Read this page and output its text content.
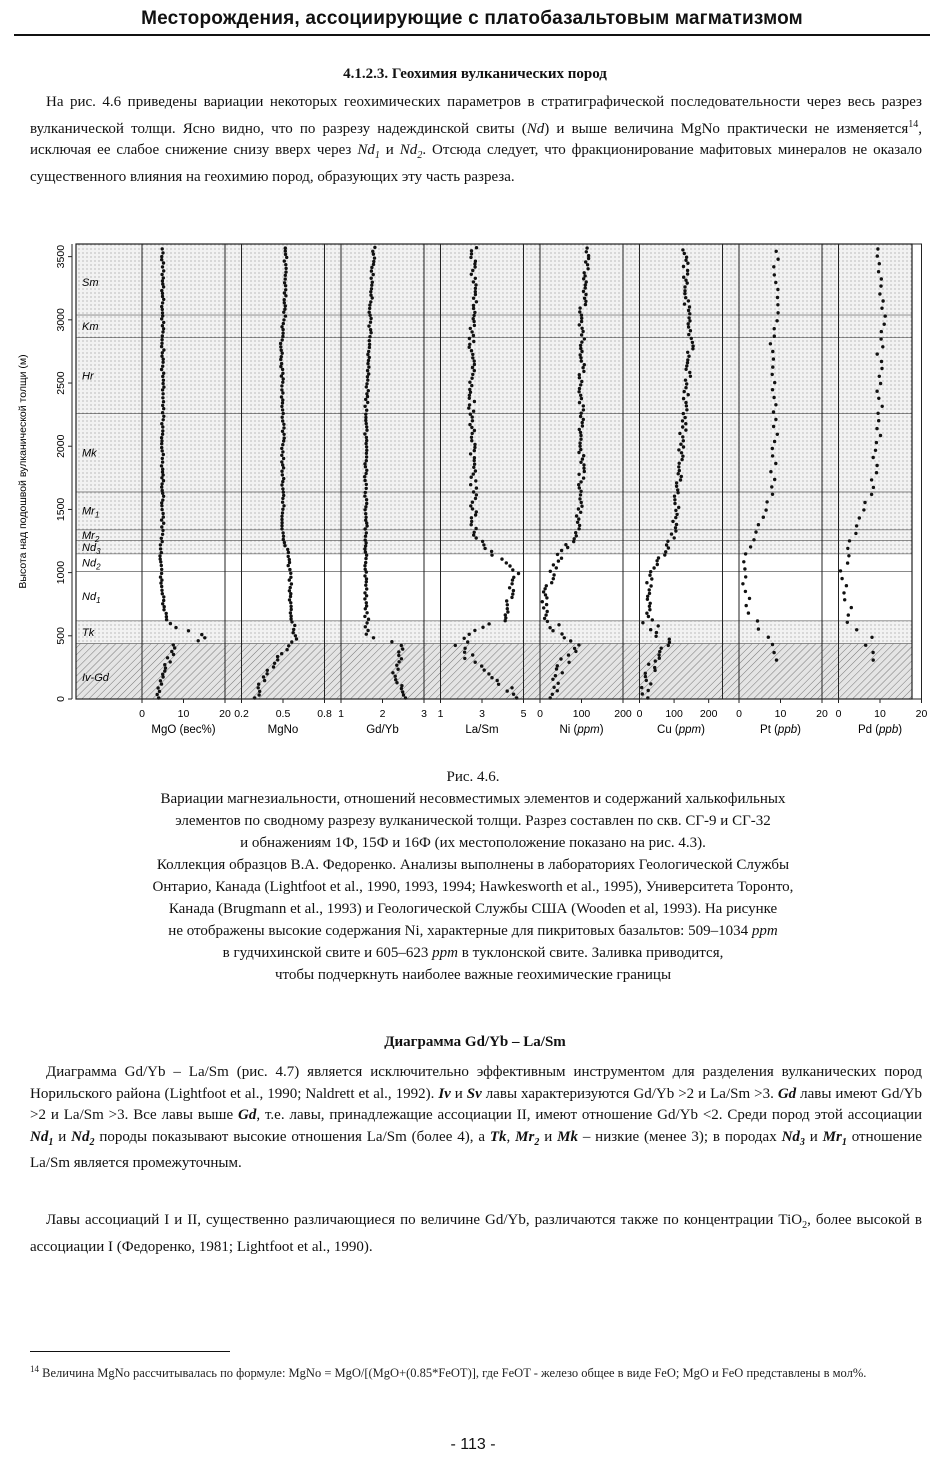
Месторождения, ассоциирующие с платобазальтовым магматизмом
4.1.2.3. Геохимия вулканических пород
На рис. 4.6 приведены вариации некоторых геохимических параметров в стратиграфической последовательности через весь разрез вулканической толщи. Ясно видно, что по разрезу надеждинской свиты (Nd) и выше величина MgNo практически не изменяется$^{14}$, исключая ее слабое снижение снизу вверх через $Nd_1$ и $Nd_2$. Отсюда следует, что фракционирование мафитовых минералов не оказало существенного влияния на геохимию пород, образующих эту часть разреза.
Sm
Km
Hr
Mk
$Mr_1$
$Mr_2$
$Nd_3$
$Nd_2$
$Nd_1$
Tk
Iv-Gd
0	10	20
MgO (вес%)
0.2	0.5	0.8
MgNo
1	2	3
Gd/Yb
1	3	5
La/Sm
0	100 200
Ni (ppm)
0 100 200
Cu (ppm)
0	10	20
Pt (ppb)
0	10	20
Pd (ppb)
0
500
1000
1500
2000
2500
3000
3500
Высота над подошвой вулканической толщи (м)
Рис. 4.6.
Вариации магнезиальности, отношений несовместимых элементов и содержаний халькофильных
элементов по сводному разрезу вулканической толщи. Разрез составлен по скв. СГ-9 и СГ-32
и обнажениям 1Ф, 15Ф и 16Ф (их местоположение показано на рис. 4.3).
Коллекция образцов В.А. Федоренко. Анализы выполнены в лабораториях Геологической Службы
Онтарио, Канада (Lightfoot et al., 1990, 1993, 1994; Hawkesworth et al., 1995), Университета Торонто,
Канада (Brugmann et al., 1993) и Геологической Службы США (Wooden et al, 1993). На рисунке
не отображены высокие содержания Ni, характерные для пикритовых базальтов: 509–1034 ppm
в гудчихинской свите и 605–623 ppm в туклонской свите. Заливка приводится,
чтобы подчеркнуть наиболее важные геохимические границы
Диаграмма Gd/Yb – La/Sm
Диаграмма Gd/Yb – La/Sm (рис. 4.7) является исключительно эффективным инструментом для разделения вулканических пород Норильского района (Lightfoot et al., 1990; Naldrett et al., 1992). Iv и Sv лавы характеризуются Gd/Yb >2 и La/Sm >3. Gd лавы имеют Gd/Yb >2 и La/Sm >3. Все лавы выше Gd, т.е. лавы, принадлежащие ассоциации II, имеют отношение Gd/Yb <2. Среди пород этой ассоциации $Nd_1$ и $Nd_2$ породы показывают высокие отношения La/Sm (более 4), а Tk, $Mr_2$ и Mk – низкие (менее 3); в породах $Nd_3$ и $Mr_1$ отношение La/Sm является промежуточным.
Лавы ассоциаций I и II, существенно различающиеся по величине Gd/Yb, различаются также по концентрации TiO$_2$, более высокой в ассоциации I (Федоренко, 1981; Lightfoot et al., 1990).
$^{14}$ Величина MgNo рассчитывалась по формуле: MgNo = MgO/[(MgO+(0.85*FeOT)], где FeOT - железо общее в виде FeO; MgO и FeO представлены в мол%.
- 113 -
